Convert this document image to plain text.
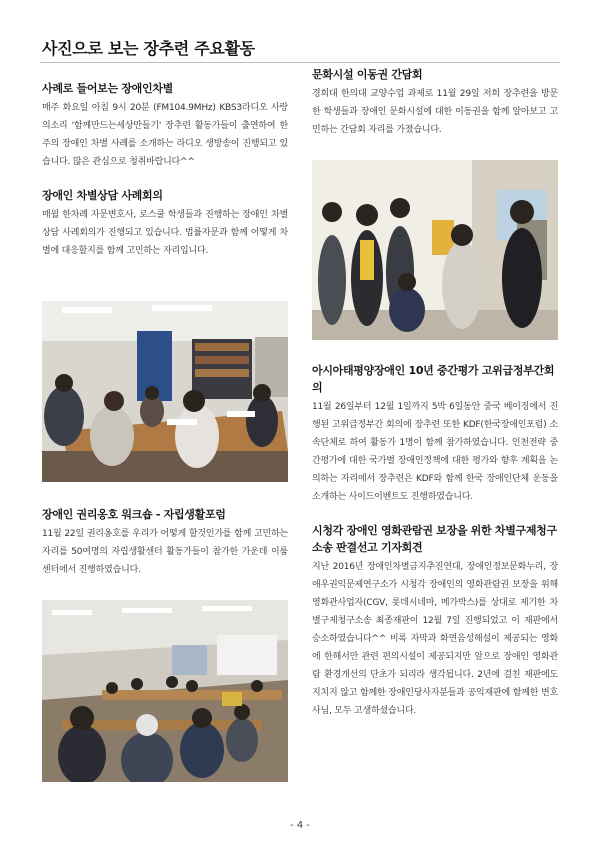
사진으로 보는 장추련 주요활동
사례로 들어보는 장애인차별
매주 화요일 아침 9시 20분 (FM104.9MHz) KBS3라디오 사랑의소리 '함께만드는세상만들기' 장추련 활동가들이 출연하여 한주의 장애인 차별 사례를 소개하는 라디오 생방송이 진행되고 있습니다. 많은 관심으로 청취바랍니다^^
장애인 차별상담 사례회의
매월 한차례 자문변호사, 로스쿨 학생들과 진행하는 장애인 차별상담 사례회의가 진행되고 있습니다. 법률자문과 함께 어떻게 차별에 대응할지를 함께 고민하는 자리입니다.
장애인 권리옹호 워크숍 - 자립생활포럼
11월 22일 권리옹호를 우리가 어떻게 할것인가를 함께 고민하는 자리를 50여명의 자립생활센터 활동가들이 참가한 가운데 이룸센터에서 진행하였습니다.
문화시설 이동권 간담회
경희대 한의대 교양수업 과제로 11월 29일 저희 장추련을 방문한 학생들과 장애인 문화시설에 대한 이동권을 함께 알아보고 고민하는 간담회 자리를 가졌습니다.
아시아태평양장애인 10년 중간평가 고위급정부간회의
11월 26일부터 12월 1일까지 5박 6일동안 중국 베이징에서 진행된 고위급정부간 회의에 장추련 또한 KDF(한국장애인포럼) 소속단체로 하여 활동가 1명이 함께 참가하였습니다. 인천전략 중간평가에 대한 국가별 장애인정책에 대한 평가와 향후 계획을 논의하는 자리에서 장추련은 KDF와 함께 한국 장애인단체 운동을 소개하는 사이드이벤트도 진행하였습니다.
시청각 장애인 영화관람권 보장을 위한 차별구제청구소송 판결선고 기자회견
지난 2016년 장애인차별금지추진연대, 장애인정보문화누리, 장애우권익문제연구소가 시청각 장애인의 영화관람권 보장을 위해 영화관사업자(CGV, 롯데시네마, 메가박스)를 상대로 제기한 차별구제청구소송 최종재판이 12월 7일 진행되었고 이 재판에서 승소하였습니다^^ 비록 자막과 화면음성해설이 제공되는 영화에 한해서만 관련 편의시설이 제공되지만 앞으로 장애인 영화관람 환경개선의 단초가 되리라 생각됩니다. 2년에 걸친 재판에도 지치지 않고 함께한 장애인당사자분들과 공익재판에 함께한 변호사님, 모두 고생하셨습니다.
- 4 -
